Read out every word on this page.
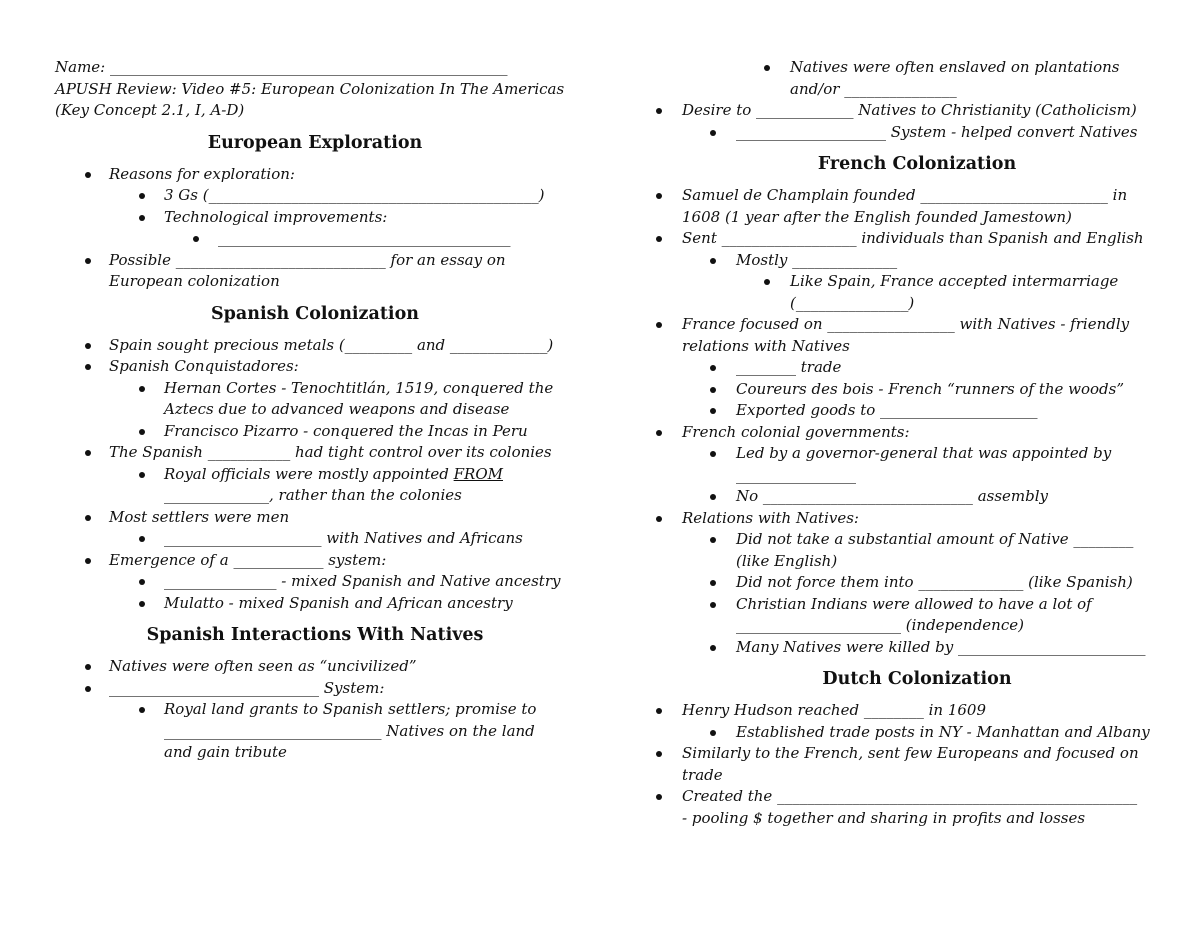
Name: _____________________________________________________
APUSH Review: Video #5: European Colonization In The Americas
(Key Concept 2.1, I, A-D)
European Exploration
Reasons for exploration:
3 Gs (____________________________________________)
Technological improvements:
_______________________________________
Possible ____________________________ for an essay on
European colonization
Spanish Colonization
Spain sought precious metals (_________ and _____________)
Spanish Conquistadores:
Hernan Cortes - Tenochtitlán, 1519, conquered the
Aztecs due to advanced weapons and disease
Francisco Pizarro - conquered the Incas in Peru
The Spanish ___________ had tight control over its colonies
Royal officials were mostly appointed FROM
______________, rather than the colonies
Most settlers were men
_____________________ with Natives and Africans
Emergence of a ____________ system:
_______________ - mixed Spanish and Native ancestry
Mulatto - mixed Spanish and African ancestry
Spanish Interactions With Natives
Natives were often seen as “uncivilized”
____________________________ System:
Royal land grants to Spanish settlers; promise to
_____________________________ Natives on the land
and gain tribute
Natives were often enslaved on plantations
and/or _______________
Desire to _____________ Natives to Christianity (Catholicism)
____________________ System - helped convert Natives
French Colonization
Samuel de Champlain founded _________________________ in
1608 (1 year after the English founded Jamestown)
Sent __________________ individuals than Spanish and English
Mostly ______________
Like Spain, France accepted intermarriage
(_______________)
France focused on _________________ with Natives - friendly
relations with Natives
________ trade
Coureurs des bois - French “runners of the woods”
Exported goods to _____________________
French colonial governments:
Led by a governor-general that was appointed by
________________
No ____________________________ assembly
Relations with Natives:
Did not take a substantial amount of Native ________
(like English)
Did not force them into ______________ (like Spanish)
Christian Indians were allowed to have a lot of
______________________ (independence)
Many Natives were killed by _________________________
Dutch Colonization
Henry Hudson reached ________ in 1609
Established trade posts in NY - Manhattan and Albany
Similarly to the French, sent few Europeans and focused on
trade
Created the ________________________________________________
- pooling $ together and sharing in profits and losses
